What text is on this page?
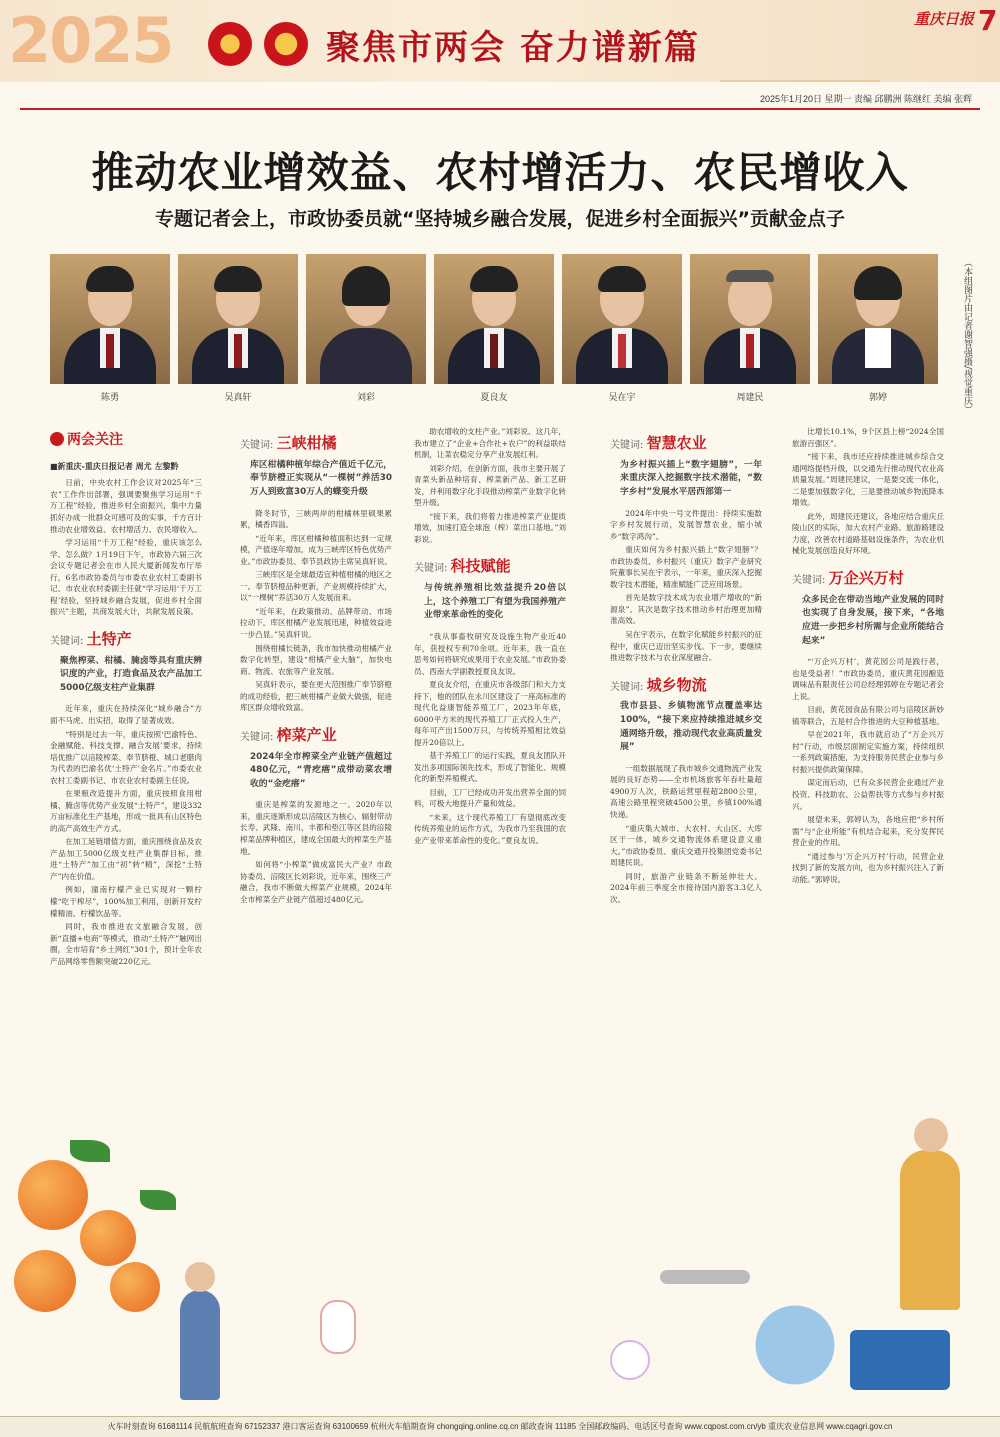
2025	聚焦市两会 奋力谱新篇
重庆日报 7
2025年1月20日 星期一 责编 邱鹏洲 陈继红 美编 张辉
推动农业增效益、农村增活力、农民增收入
专题记者会上，市政协委员就“坚持城乡融合发展，促进乡村全面振兴”贡献金点子
陈勇	吴真轩	刘彩	夏良友	吴在宇	周建民	郭婷	（本组图片由记者谢智强摄/视觉重庆）
两会关注
■新重庆-重庆日报记者 周尤 左黎黔

日前，中央农村工作会议对2025年“三农”工作作出部署，强调要聚焦学习运用“千万工程”经验，推进乡村全面振兴，集中力量抓好办成一批群众可感可及的实事，千方百计推动农业增效益、农村增活力、农民增收入。

学习运用“千万工程”经验，重庆该怎么学、怎么做？1月19日下午，市政协六届三次会议专题记者会在市人民大厦新闻发布厅举行，6名市政协委员与市委农业农村工委副书记、市农业农村委副主任就“学习运用‘千万工程’经验，坚持城乡融合发展，促进乡村全面振兴”主题，共商发展大计，共献发展良策。

关键词: 土特产
聚焦榨菜、柑橘、腌卤等具有重庆辨识度的产业，打造食品及农产品加工5000亿级支柱产业集群

近年来，重庆在持续深化“城乡融合”方面不马虎、出实招，取得了显著成效。

“特别是过去一年，重庆按照‘巴渝特色、金融赋能、科技支撑、融合发展’要求，持续培优推广以涪陵榨菜、奉节脐橙、城口老腊肉为代表的巴渝名优‘土特产’金名片。”市委农业农村工委副书记、市农业农村委副主任说。

在果粮改造提升方面，重庆按照食用柑橘、腌卤等优势产业发展“土特产”，建设332万亩标准化生产基地，形成一批具有山区特色的高产高效生产方式。

在加工延链增值方面，重庆围绕食品及农产品加工5000亿级支柱产业集群目标，推进“土特产”加工由“初”转“精”，深挖“土特产”内在价值。

例如，潼南柠檬产业已实现对一颗柠檬“吃干榨尽”，100%加工利用，创新开发柠檬精油、柠檬饮品等。

同时，我市推进农文旅融合发展，创新“直播+电商”等模式，推动“土特产”触网出圈，全市培育“乡土网红”301个，预计全年农产品网络零售额突破220亿元。

关键词: 三峡柑橘
库区柑橘种植年综合产值近千亿元，奉节脐橙正实现从“一棵树”养活30万人到致富30万人的蝶变升级

降冬时节，三峡两岸的柑橘林里硕果累累，橘香四溢。

“近年来，库区柑橘种植面积达到一定规模，产值逐年增加，成为三峡库区特色优势产业。”市政协委员、奉节县政协主席吴真轩说。

三峡库区是全球最适宜种植柑橘的地区之一。奉节脐橙品种更新，产业规模持续扩大，以“一棵树”养活30万人发展而来。

“近年来，在政策推动、品牌带动、市场拉动下，库区柑橘产业发展迅速，种植效益进一步凸显。”吴真轩说。

围绕柑橘长链条，我市加快推动柑橘产业数字化转型，建设“柑橘产业大脑”，加快电商、物流、农旅等产业发展。

吴真轩表示，要在更大范围推广奉节脐橙的成功经验，把三峡柑橘产业做大做强，促进库区群众增收致富。

关键词: 榨菜产业
2024年全市榨菜全产业链产值超过480亿元，“青疙瘩”成带动菜农增收的“金疙瘩”

重庆是榨菜的发源地之一。2020年以来，重庆逐渐形成以涪陵区为核心、辐射带动长寿、武隆、南川、丰都和垫江等区县的涪陵榨菜品牌种植区，建成全国最大的榨菜生产基地。

如何将“小榨菜”做成富民大产业？市政协委员、涪陵区长刘彩说，近年来，围绕三产融合，我市不断做大榨菜产业规模，2024年全市榨菜全产业链产值超过480亿元。

助农增收的支柱产业。”刘彩说。这几年，我市建立了“企业+合作社+农户”的利益联结机制，让菜农稳定分享产业发展红利。

刘彩介绍，在创新方面，我市主要开展了青菜头新品种培育、榨菜新产品、新工艺研发，并利用数字化手段推动榨菜产业数字化转型升级。

“接下来，我们将着力推进榨菜产业提质增效，加速打造全球泡（榨）菜出口基地。”刘彩说。

关键词: 科技赋能
与传统养殖相比效益提升20倍以上，这个养殖工厂有望为我国养殖产业带来革命性的变化

“我从事畜牧研究及设施生物产业近40年，获授权专利70余项。近年来，我一直在思考如何将研究成果用于农业发展。”市政协委员、西南大学副教授夏良友说。

夏良友介绍，在重庆市各级部门和大力支持下，他的团队在永川区建设了一座高标准的现代化益康智能养殖工厂，2023年年底，6000平方米的现代养殖工厂正式投入生产，每年可产出1500万只，与传统养殖相比效益提升20倍以上。

基于养殖工厂的运行实践，夏良友团队开发出多项国际领先技术，形成了智能化、规模化的新型养殖模式。

目前，工厂已经成功开发出营养全面的饲料，可极大地提升产量和效益。

“未来，这个现代养殖工厂有望彻底改变传统养殖业的运作方式，为我市乃至我国的农业产业带来革命性的变化。”夏良友说。

关键词: 智慧农业
为乡村振兴插上“数字翅膀”，一年来重庆深入挖掘数字技术潜能，“数字乡村”发展水平居西部第一

2024年中央一号文件提出：持续实施数字乡村发展行动，发展智慧农业，缩小城乡“数字鸿沟”。

重庆如何为乡村振兴插上“数字翅膀”？市政协委员、乡村振兴（重庆）数字产业研究院董事长吴在宇表示，一年来，重庆深入挖掘数字技术潜能，精准赋能广泛应用场景。

首先是数字技术成为农业增产增收的“新源泉”。其次是数字技术推动乡村治理更加精准高效。

吴在宇表示，在数字化赋能乡村振兴的征程中，重庆已迈出坚实步伐。下一步，要继续推进数字技术与农业深度融合。

关键词: 城乡物流
我市县县、乡镇物流节点覆盖率达100%，“接下来应持续推进城乡交通网络升级，推动现代农业高质量发展”

一组数据展现了我市城乡交通物流产业发展的良好态势——全市机场旅客年吞吐量超4900万人次，铁路运营里程超2800公里，高速公路里程突破4500公里，乡镇100%通快递。

“重庆集大城市、大农村、大山区、大库区于一体，城乡交通物流体系建设意义重大。”市政协委员、重庆交通开投集团党委书记周建民说。

同时，旅游产业链条不断延伸壮大。2024年前三季度全市接待国内游客3.3亿人次。

比增长10.1%，9个区县上榜“2024全国旅游百强区”。

“接下来，我市还应持续推进城乡综合交通网络提档升级，以交通先行推动现代农业高质量发展。”周建民建议，一是要交流一体化，二是要加强数字化，三是要推动城乡物流降本增效。

此外，周建民还建议，各地应结合重庆丘陵山区的实际，加大农村产业路、旅游路建设力度，改善农村道路基础设施条件，为农业机械化发展创造良好环境。

关键词: 万企兴万村
众多民企在带动当地产业发展的同时也实现了自身发展，接下来，“各地应进一步把乡村所需与企业所能结合起来”

“‘万企兴万村’，黄花园公司是践行者，也是受益者！”市政协委员、重庆黄花园酿造调味品有限责任公司总经理郭婷在专题记者会上说。

目前，黄花园食品有限公司与涪陵区新妙镇等联合，五是村合作推进的大豆种植基地。

早在2021年，我市就启动了“万企兴万村”行动，市级层面制定实施方案，持续组织一系列政策措施，为支持服务民营企业参与乡村振兴提供政策保障。

谋定而后动，已有众多民营企业通过产业投资、科技助农、公益帮扶等方式参与乡村振兴。

展望未来，郭婷认为，各地应把“乡村所需”与“企业所能”有机结合起来，充分发挥民营企业的作用。

“通过参与‘万企兴万村’行动，民营企业找到了新的发展方向，也为乡村振兴注入了新动能。”郭婷说。

火车时刻查询 61681114 民航航班查询 67152337 港口客运查询 63100659 杭州火车船期查询 chongqing.online.cq.cn 邮政查询 11185 全国邮政编码、电话区号查询 www.cqpost.com.cn/yb 重庆农业信息网 www.cqagri.gov.cn
